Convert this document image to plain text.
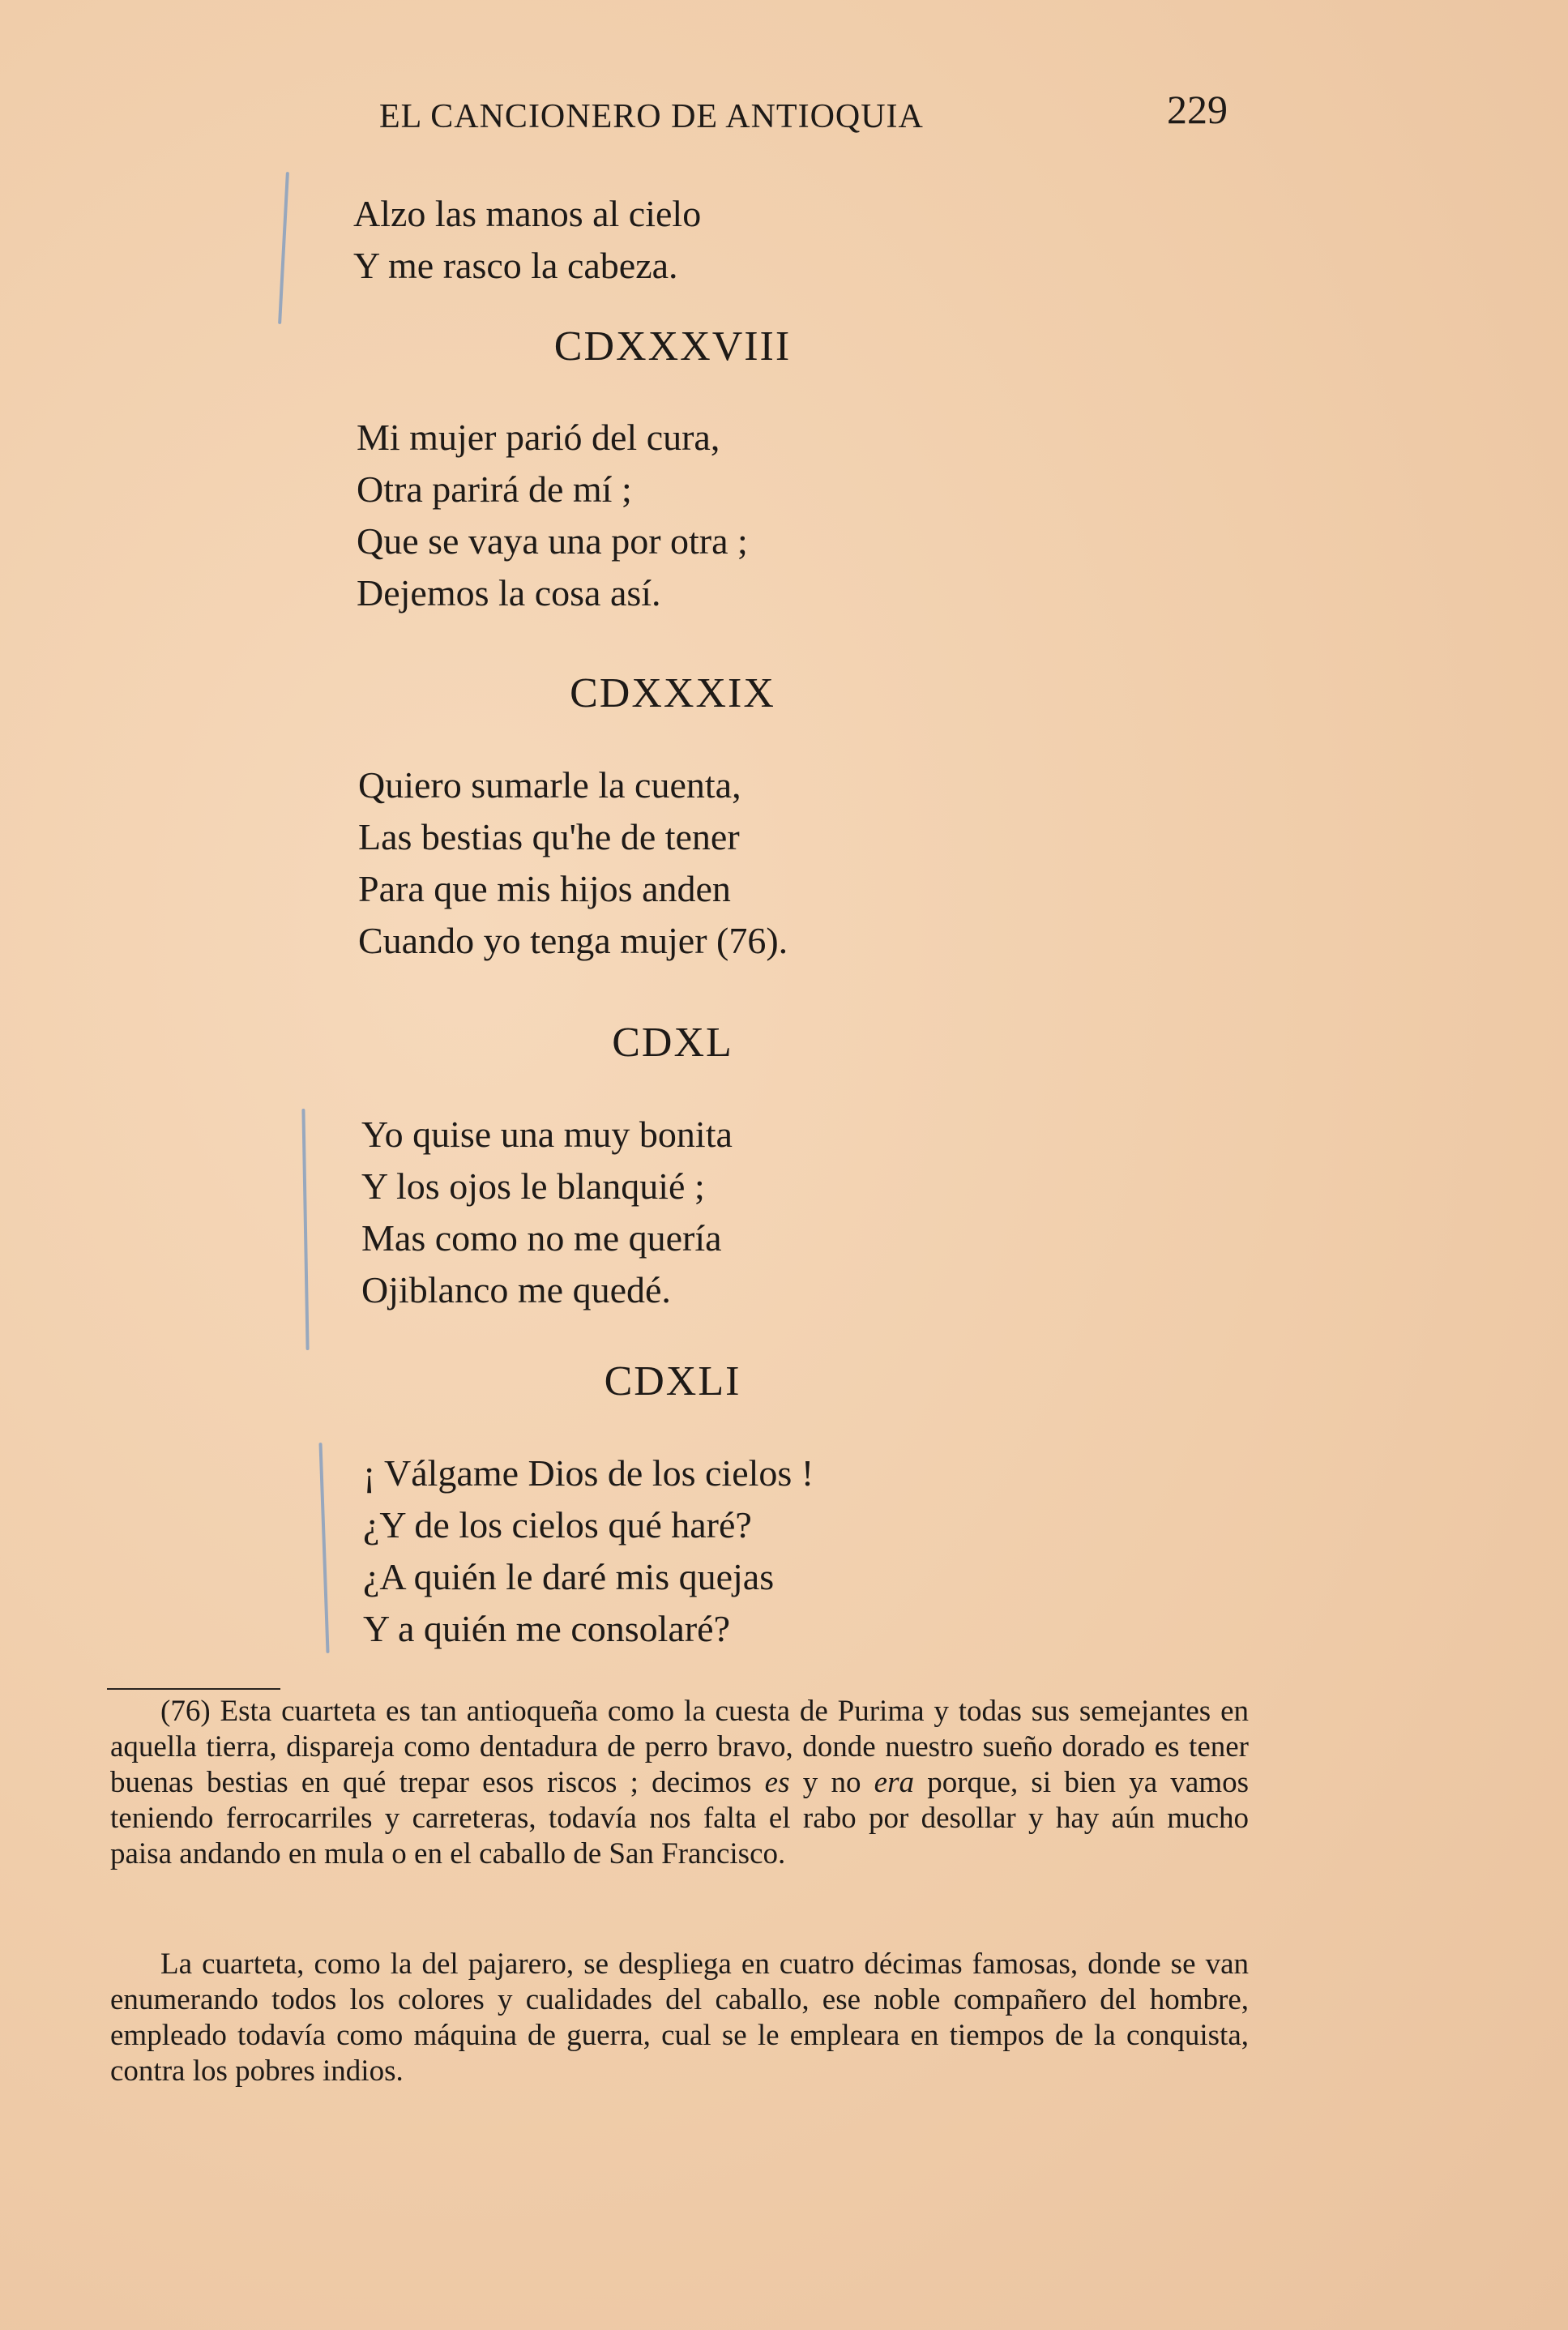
EL CANCIONERO DE ANTIOQUIA	229
Alzo las manos al cielo
Y me rasco la cabeza.
CDXXXVIII
Mi mujer parió del cura,
Otra parirá de mí ;
Que se vaya una por otra ;
Dejemos la cosa así.
CDXXXIX
Quiero sumarle la cuenta,
Las bestias qu'he de tener
Para que mis hijos anden
Cuando yo tenga mujer (76).
CDXL
Yo quise una muy bonita
Y los ojos le blanquié ;
Mas como no me quería
Ojiblanco me quedé.
CDXLI
¡ Válgame Dios de los cielos !
¿Y de los cielos qué haré?
¿A quién le daré mis quejas
Y a quién me consolaré?

(76) Esta cuarteta es tan antioqueña como la cuesta de Purima y todas sus semejantes en aquella tierra, dispareja como dentadura de perro bravo, donde nuestro sueño dorado es tener buenas bestias en qué trepar esos riscos ; decimos es y no era porque, si bien ya vamos teniendo ferrocarriles y carreteras, todavía nos falta el rabo por desollar y hay aún mucho paisa andando en mula o en el caballo de San Francisco.

La cuarteta, como la del pajarero, se despliega en cuatro décimas famosas, donde se van enumerando todos los colores y cualidades del caballo, ese noble compañero del hombre, empleado todavía como máquina de guerra, cual se le empleara en tiempos de la conquista, contra los pobres indios.
